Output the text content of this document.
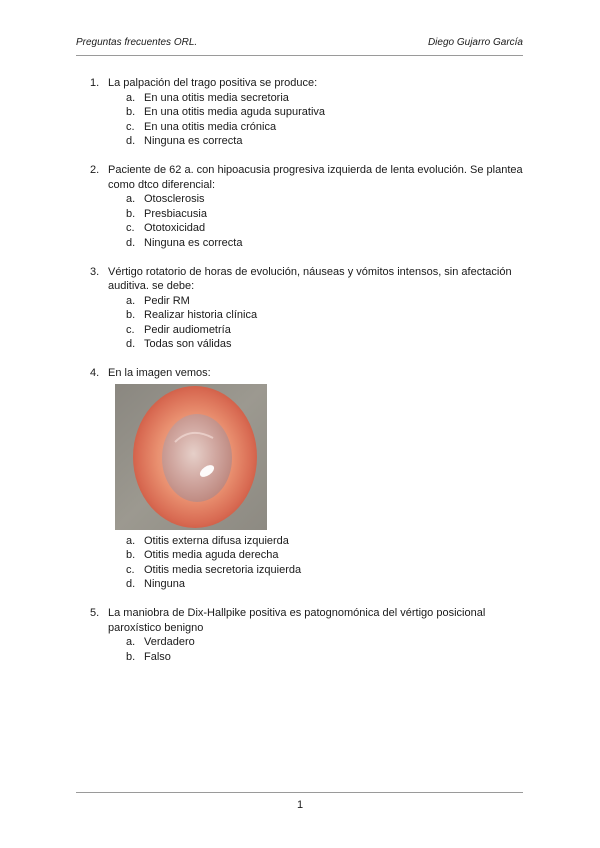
Preguntas frecuentes ORL.	Diego Gujarro García
1. La palpación del trago positiva se produce:
a. En una otitis media secretoria
b. En una otitis media aguda supurativa
c. En una otitis media crónica
d. Ninguna es correcta
2. Paciente de 62 a. con hipoacusia progresiva izquierda de lenta evolución. Se plantea como dtco diferencial:
a. Otosclerosis
b. Presbiacusia
c. Ototoxicidad
d. Ninguna es correcta
3. Vértigo rotatorio de horas de evolución, náuseas y vómitos intensos, sin afectación auditiva. se debe:
a. Pedir RM
b. Realizar historia clínica
c. Pedir audiometría
d. Todas son válidas
4. En la imagen vemos:
a. Otitis externa difusa izquierda
b. Otitis media aguda derecha
c. Otitis media secretoria izquierda
d. Ninguna
5. La maniobra de Dix-Hallpike positiva es patognomónica del vértigo posicional paroxístico benigno
a. Verdadero
b. Falso
1
